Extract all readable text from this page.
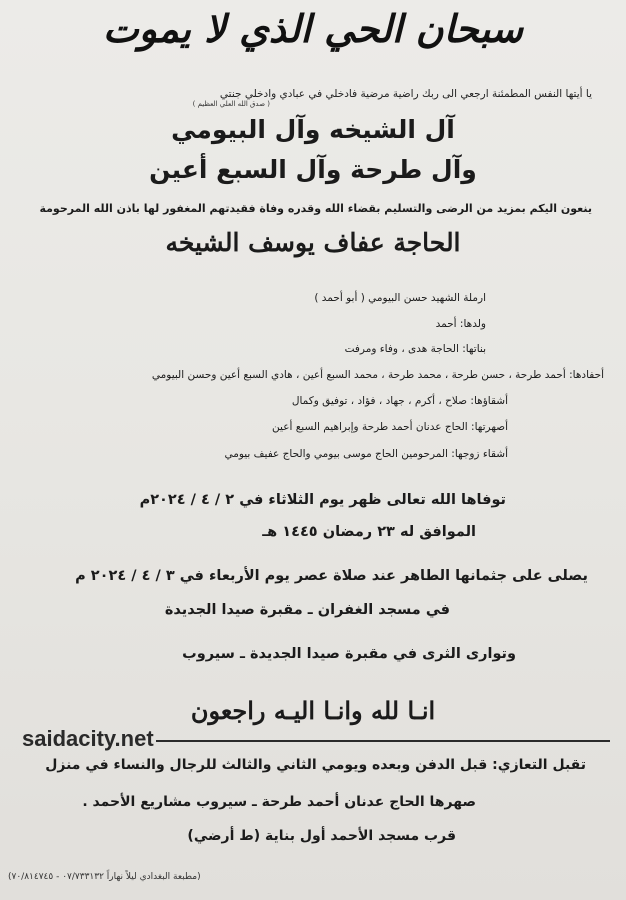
سبحان الحي الذي لا يموت
يا أيتها النفس المطمئنة ارجعي الى ربك راضية مرضية فادخلي في عبادي وادخلي جنتي
( صدق الله العلي العظيم )
آل الشيخه وآل البيومي
وآل طرحة وآل السبع أعين
ينعون اليكم بمزيد من الرضى والتسليم بقضاء الله وقدره وفاة فقيدتهم المغفور لها باذن الله المرحومة
الحاجة عفاف يوسف الشيخه
ارملة الشهيد حسن البيومي ( أبو أحمد )
ولدها: أحمد
بناتها: الحاجة هدى ، وفاء ومرفت
أحفادها: أحمد طرحة ، حسن طرحة ، محمد طرحة ، محمد السبع أعين ، هادي السبع أعين وحسن البيومي
أشقاؤها: صلاح ، أكرم ، جهاد ، فؤاد ، توفيق وكمال
أصهرتها: الحاج عدنان أحمد طرحة وإبراهيم السبع أعين
أشقاء زوجها: المرحومين الحاج موسى بيومي والحاج عفيف بيومي
توفاها الله تعالى ظهر يوم الثلاثاء في ٢ / ٤ / ٢٠٢٤م
الموافق له ٢٣ رمضان ١٤٤٥ هـ
يصلى على جثمانها الطاهر عند صلاة عصر يوم الأربعاء في ٣ / ٤ / ٢٠٢٤ م
في مسجد الغفران ـ مقبرة صيدا الجديدة
وتوارى الثرى في مقبرة صيدا الجديدة ـ سيروب
انـا لله وانـا اليـه راجعون
saidacity.net
تقبل التعازي: قبل الدفن وبعده ويومي الثاني والثالث للرجال والنساء في منزل
صهرها الحاج عدنان أحمد طرحة ـ سيروب مشاريع الأحمد .
قرب مسجد الأحمد أول بناية (ط أرضي)
(مطبعة البغدادي ليلاً نهاراً ۰٧/٧٣٣١٣٢ - ٧۰/٨١٤٧٤٥)
